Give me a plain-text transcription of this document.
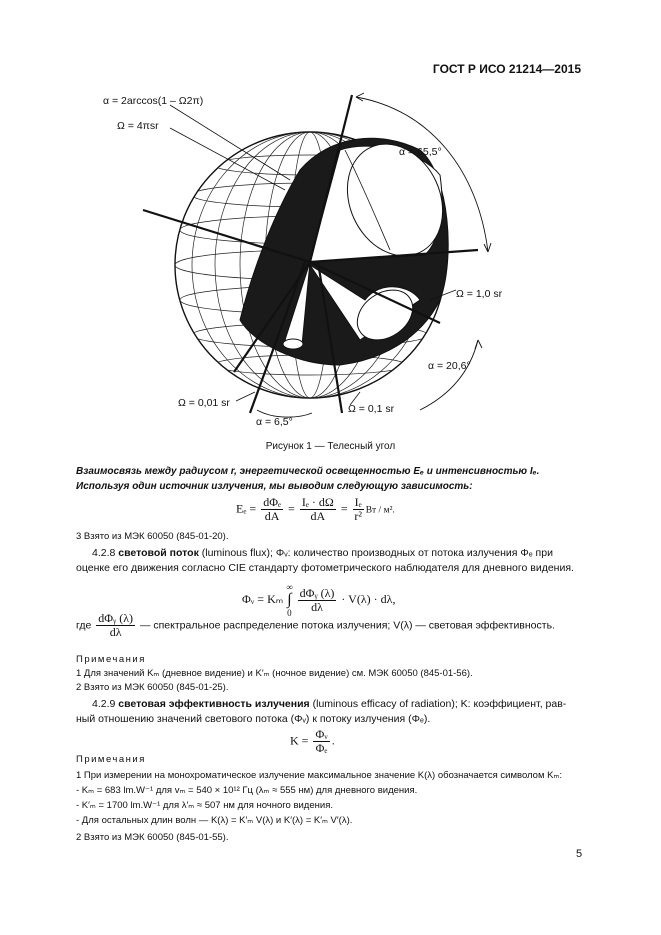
ГОСТ Р ИСО 21214—2015
α = 2arccos(1 – Ω2π)
Ω = 4πsr
α = 65,5°
Ω = 1,0 sr
α = 20,6°
Ω = 0,01 sr	Ω = 0,1 sr
α = 6,5°
Рисунок 1 — Телесный угол
Взаимосвязь между радиусом r, энергетической освещенностью Eₑ и интенсивностью Iₑ.
Используя один источник излучения, мы выводим следующую зависимость:
$E_e = \frac{\text{dΦₑ}}{dA} = \frac{\text{Iₑ · dΩ}}{dA} = \frac{\text{Iₑ}}{\text{r²}}$ Вт / м².
3 Взято из МЭК 60050 (845-01-20).
4.2.8 световой поток (luminous flux); Φᵥ: количество производных от потока излучения Φₑ при
оценке его движения согласно CIE стандарту фотометрического наблюдателя для дневного видения.
Φᵥ = Kₘ
∞
∫
0
$\frac{\text{dΦᵧ (λ)}}{d\lambda} \cdot V(\lambda) \cdot d\lambda$,
где $\frac{\text{dΦᵧ (λ)}}{d\lambda}$ — спектральное распределение потока излучения; V(λ) — световая эффективность.
Примечания
1 Для значений Kₘ (дневное видение) и K′ₘ (ночное видение) см. МЭК 60050 (845-01-56).
2 Взято из МЭК 60050 (845-01-25).
4.2.9 световая эффективность излучения (luminous efficacy of radiation); K: коэффициент, рав-
ный отношению значений светового потока (Φᵥ) к потоку излучения (Φₑ).
$K = \frac{\text{Φᵥ}}{\text{Φₑ}}$ .
Примечания
1 При измерении на монохроматическое излучение максимальное значение K(λ) обозначается символом Kₘ:
- Kₘ = 683 lm.W⁻¹ для vₘ = 540 × 10¹² Гц (λₘ ≈ 555 нм) для дневного видения.
- K′ₘ = 1700 lm.W⁻¹ для λ′ₘ ≈ 507 нм для ночного видения.
- Для остальных длин волн — K(λ) = K′ₘ V(λ) и K′(λ) = K′ₘ V′(λ).
2 Взято из МЭК 60050 (845-01-55).
5
